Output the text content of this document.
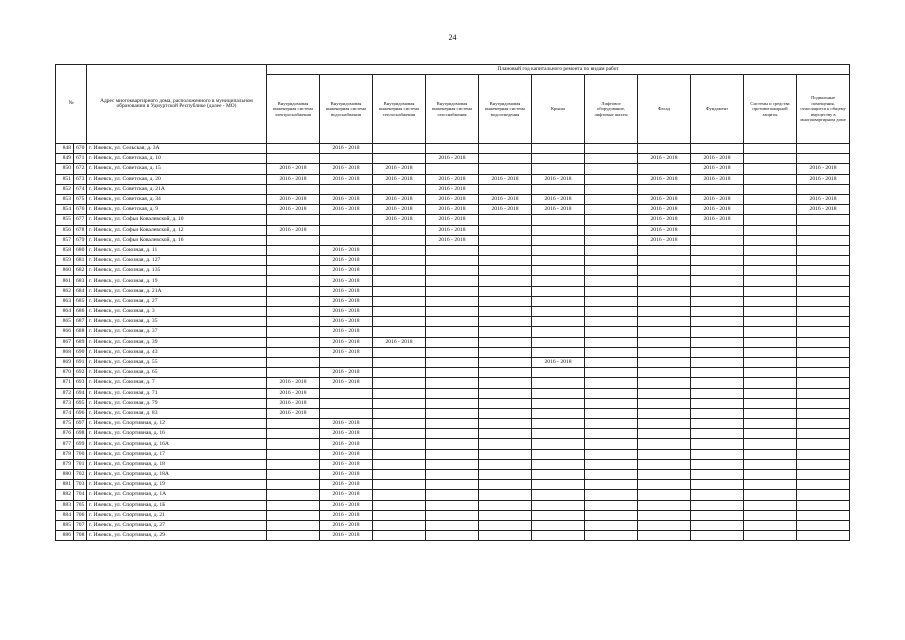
24
№		Адрес многоквартирного дома, расположенного в муниципальном образовании в Удмуртской Республике (далее - МО)	Плановый год капитального ремонта по видам работ										
			Внутридомовая инженерная система электроснабжения	Внутридомовая инженерная система водоснабжения	Внутридомовая инженерная система теплоснабжения	Внутридомовая инженерная система газоснабжения	Внутридомовая инженерная система водоотведения	Крыша	Лифтовое оборудование, лифтовые шахты	Фасад	Фундамент	Системы и средства противопожарной защиты	Подвальные помещения, относящиеся к общему имуществу в многоквартирном доме
848	670	г. Ижевск, ул. Сельская, д. 3А		2016 - 2018									
849	671	г. Ижевск, ул. Советская, д. 10				2016 - 2018				2016 - 2018	2016 - 2018		
850	672	г. Ижевск, ул. Советская, д. 15	2016 - 2018	2016 - 2018	2016 - 2018						2016 - 2018		2016 - 2018
851	673	г. Ижевск, ул. Советская, д. 20	2016 - 2018	2016 - 2018	2016 - 2018	2016 - 2018	2016 - 2018	2016 - 2018		2016 - 2018	2016 - 2018		2016 - 2018
852	674	г. Ижевск, ул. Советская, д. 21А				2016 - 2018							
853	675	г. Ижевск, ул. Советская, д. 34	2016 - 2018	2016 - 2018	2016 - 2018	2016 - 2018	2016 - 2018	2016 - 2018		2016 - 2018	2016 - 2018		2016 - 2018
854	676	г. Ижевск, ул. Советская, д. 9	2016 - 2018	2016 - 2018	2016 - 2018	2016 - 2018	2016 - 2018	2016 - 2018		2016 - 2018	2016 - 2018		2016 - 2018
855	677	г. Ижевск, ул. Софьи Ковалевской, д. 10			2016 - 2018	2016 - 2018				2016 - 2018	2016 - 2018		
856	678	г. Ижевск, ул. Софьи Ковалевской, д. 12	2016 - 2018			2016 - 2018				2016 - 2018			
857	679	г. Ижевск, ул. Софьи Ковалевской, д. 16				2016 - 2018				2016 - 2018			
858	680	г. Ижевск, ул. Союзная, д. 11		2016 - 2018									
859	681	г. Ижевск, ул. Союзная, д. 127		2016 - 2018									
860	682	г. Ижевск, ул. Союзная, д. 135		2016 - 2018									
861	683	г. Ижевск, ул. Союзная, д. 19		2016 - 2018									
862	684	г. Ижевск, ул. Союзная, д. 21А		2016 - 2018									
863	685	г. Ижевск, ул. Союзная, д. 27		2016 - 2018									
864	686	г. Ижевск, ул. Союзная, д. 3		2016 - 2018									
865	687	г. Ижевск, ул. Союзная, д. 35		2016 - 2018									
866	688	г. Ижевск, ул. Союзная, д. 37		2016 - 2018									
867	689	г. Ижевск, ул. Союзная, д. 39		2016 - 2018	2016 - 2018								
868	690	г. Ижевск, ул. Союзная, д. 43		2016 - 2018									
869	691	г. Ижевск, ул. Союзная, д. 55						2016 - 2018					
870	692	г. Ижевск, ул. Союзная, д. 65		2016 - 2018									
871	693	г. Ижевск, ул. Союзная, д. 7	2016 - 2018	2016 - 2018									
872	694	г. Ижевск, ул. Союзная, д. 71	2016 - 2018										
873	695	г. Ижевск, ул. Союзная, д. 79	2016 - 2018										
874	696	г. Ижевск, ул. Союзная, д. 83	2016 - 2018										
875	697	г. Ижевск, ул. Спортивная, д. 12		2016 - 2018									
876	698	г. Ижевск, ул. Спортивная, д. 16		2016 - 2018									
877	699	г. Ижевск, ул. Спортивная, д. 16А		2016 - 2018									
878	700	г. Ижевск, ул. Спортивная, д. 17		2016 - 2018									
879	701	г. Ижевск, ул. Спортивная, д. 18		2016 - 2018									
880	702	г. Ижевск, ул. Спортивная, д. 18А		2016 - 2018									
881	703	г. Ижевск, ул. Спортивная, д. 19		2016 - 2018									
882	704	г. Ижевск, ул. Спортивная, д. 1А		2016 - 2018									
883	705	г. Ижевск, ул. Спортивная, д. 1Б		2016 - 2018									
884	706	г. Ижевск, ул. Спортивная, д. 21		2016 - 2018									
885	707	г. Ижевск, ул. Спортивная, д. 27		2016 - 2018									
886	708	г. Ижевск, ул. Спортивная, д. 29		2016 - 2018									
